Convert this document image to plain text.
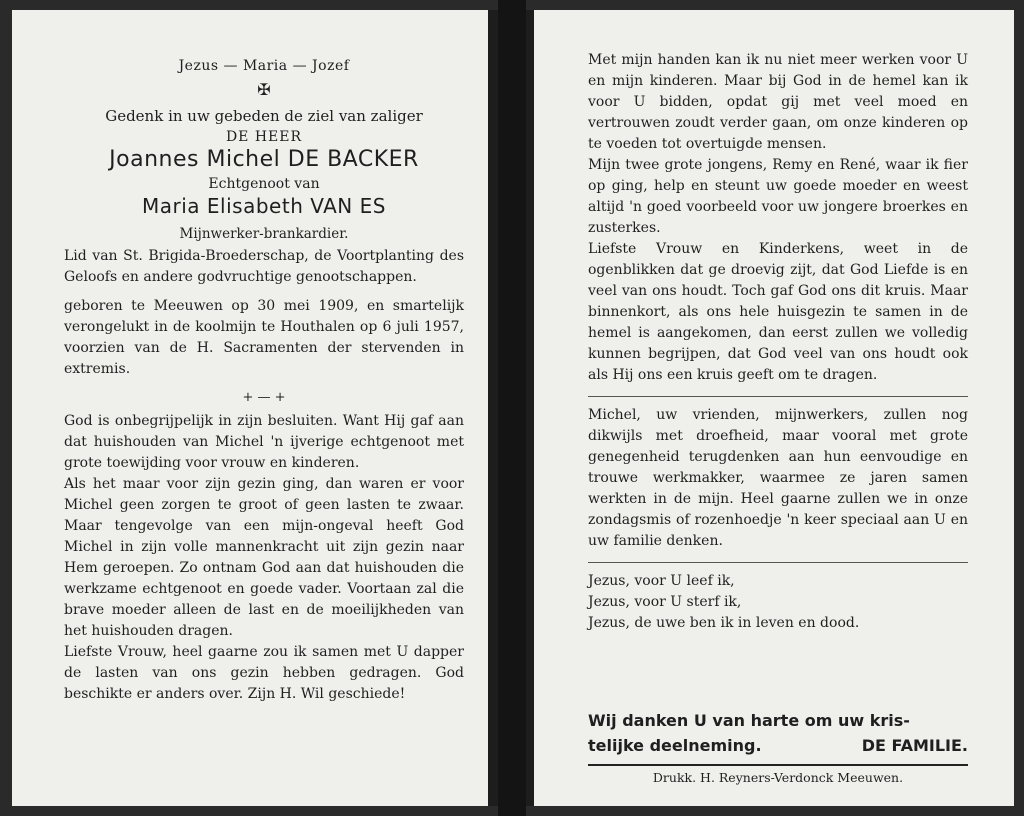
Jezus — Maria — Jozef
✠
Gedenk in uw gebeden de ziel van zaliger
DE HEER
Joannes Michel DE BACKER
Echtgenoot van
Maria Elisabeth VAN ES
Mijnwerker-brankardier.
Lid van St. Brigida-Broederschap, de Voortplanting des Geloofs en andere godvruchtige genootschappen.
geboren te Meeuwen op 30 mei 1909, en smartelijk verongelukt in de koolmijn te Houthalen op 6 juli 1957, voorzien van de H. Sacramenten der stervenden in extremis.
+ — +
God is onbegrijpelijk in zijn besluiten. Want Hij gaf aan dat huishouden van Michel 'n ijverige echtgenoot met grote toewijding voor vrouw en kinderen.
Als het maar voor zijn gezin ging, dan waren er voor Michel geen zorgen te groot of geen lasten te zwaar. Maar tengevolge van een mijn-ongeval heeft God Michel in zijn volle mannenkracht uit zijn gezin naar Hem geroepen. Zo ontnam God aan dat huishouden die werkzame echtgenoot en goede vader. Voortaan zal die brave moeder alleen de last en de moeilijkheden van het huishouden dragen.
Liefste Vrouw, heel gaarne zou ik samen met U dapper de lasten van ons gezin hebben gedragen. God beschikte er anders over. Zijn H. Wil geschiede!
Met mijn handen kan ik nu niet meer werken voor U en mijn kinderen. Maar bij God in de hemel kan ik voor U bidden, opdat gij met veel moed en vertrouwen zoudt verder gaan, om onze kinderen op te voeden tot overtuigde mensen.
Mijn twee grote jongens, Remy en René, waar ik fier op ging, help en steunt uw goede moeder en weest altijd 'n goed voorbeeld voor uw jongere broerkes en zusterkes.
Liefste Vrouw en Kinderkens, weet in de ogenblikken dat ge droevig zijt, dat God Liefde is en veel van ons houdt. Toch gaf God ons dit kruis. Maar binnenkort, als ons hele huisgezin te samen in de hemel is aangekomen, dan eerst zullen we volledig kunnen begrijpen, dat God veel van ons houdt ook als Hij ons een kruis geeft om te dragen.
Michel, uw vrienden, mijnwerkers, zullen nog dikwijls met droefheid, maar vooral met grote genegenheid terugdenken aan hun eenvoudige en trouwe werkmakker, waarmee ze jaren samen werkten in de mijn. Heel gaarne zullen we in onze zondagsmis of rozenhoedje 'n keer speciaal aan U en uw familie denken.
Jezus, voor U leef ik,
Jezus, voor U sterf ik,
Jezus, de uwe ben ik in leven en dood.
Wij danken U van harte om uw kris-
telijke deelneming.	DE FAMILIE.
Drukk. H. Reyners-Verdonck Meeuwen.
